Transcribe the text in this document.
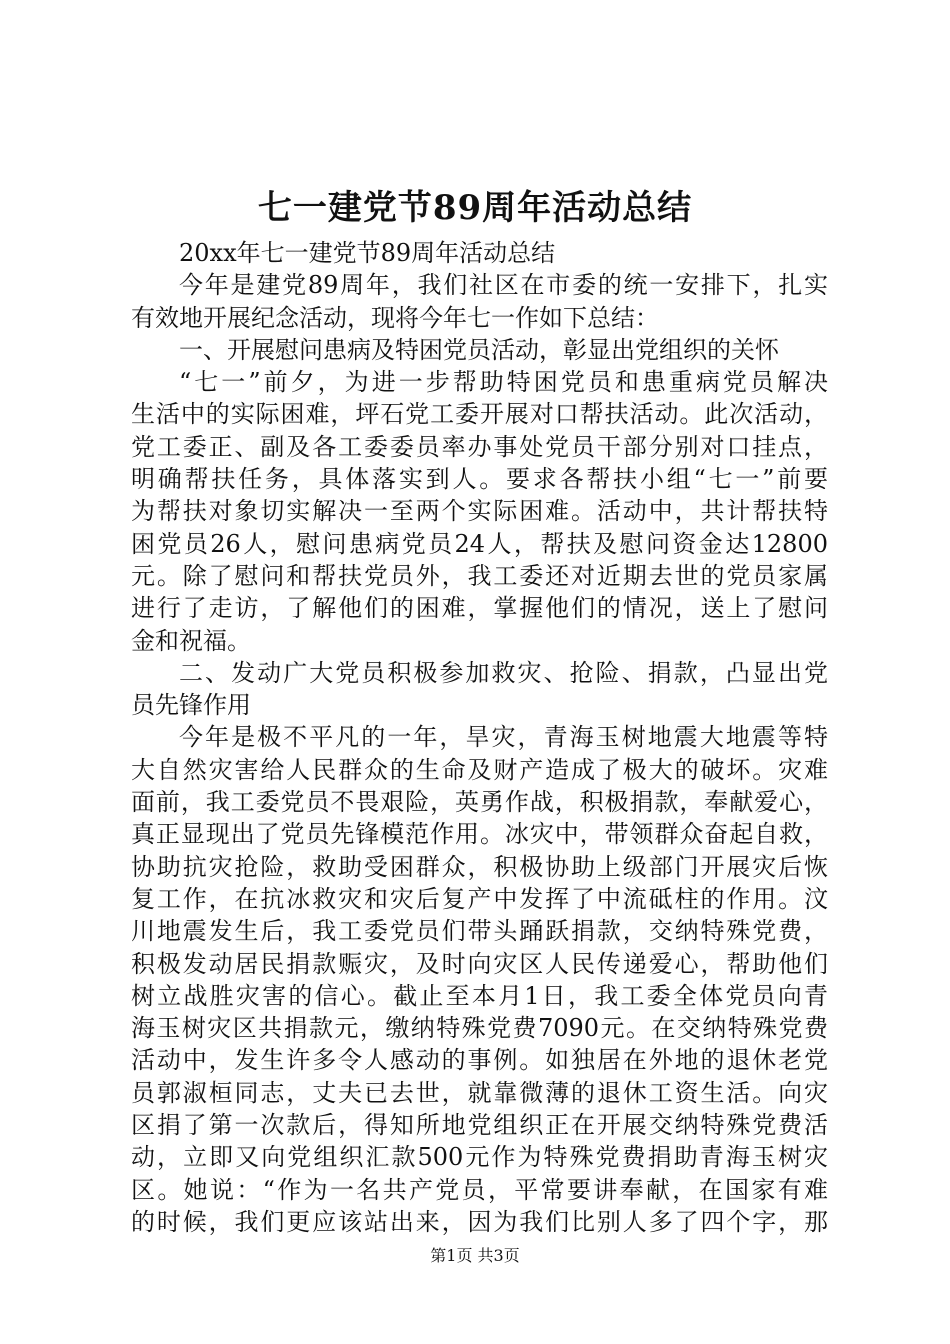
七一建党节89周年活动总结
20xx年七一建党节89周年活动总结
今年是建党89周年，我们社区在市委的统一安排下，扎实
有效地开展纪念活动，现将今年七一作如下总结：
一、开展慰问患病及特困党员活动，彰显出党组织的关怀
“七一”前夕，为进一步帮助特困党员和患重病党员解决
生活中的实际困难，坪石党工委开展对口帮扶活动。此次活动，
党工委正、副及各工委委员率办事处党员干部分别对口挂点，
明确帮扶任务，具体落实到人。要求各帮扶小组“七一”前要
为帮扶对象切实解决一至两个实际困难。活动中，共计帮扶特
困党员26人，慰问患病党员24人，帮扶及慰问资金达12800
元。除了慰问和帮扶党员外，我工委还对近期去世的党员家属
进行了走访，了解他们的困难，掌握他们的情况，送上了慰问
金和祝福。
二、发动广大党员积极参加救灾、抢险、捐款，凸显出党
员先锋作用
今年是极不平凡的一年，旱灾，青海玉树地震大地震等特
大自然灾害给人民群众的生命及财产造成了极大的破坏。灾难
面前，我工委党员不畏艰险，英勇作战，积极捐款，奉献爱心，
真正显现出了党员先锋模范作用。冰灾中，带领群众奋起自救，
协助抗灾抢险，救助受困群众，积极协助上级部门开展灾后恢
复工作，在抗冰救灾和灾后复产中发挥了中流砥柱的作用。汶
川地震发生后，我工委党员们带头踊跃捐款，交纳特殊党费，
积极发动居民捐款赈灾，及时向灾区人民传递爱心，帮助他们
树立战胜灾害的信心。截止至本月1日，我工委全体党员向青
海玉树灾区共捐款元，缴纳特殊党费7090元。在交纳特殊党费
活动中，发生许多令人感动的事例。如独居在外地的退休老党
员郭淑桓同志，丈夫已去世，就靠微薄的退休工资生活。向灾
区捐了第一次款后，得知所地党组织正在开展交纳特殊党费活
动，立即又向党组织汇款500元作为特殊党费捐助青海玉树灾
区。她说：“作为一名共产党员，平常要讲奉献，在国家有难
的时候，我们更应该站出来，因为我们比别人多了四个字，那
第1页 共3页
